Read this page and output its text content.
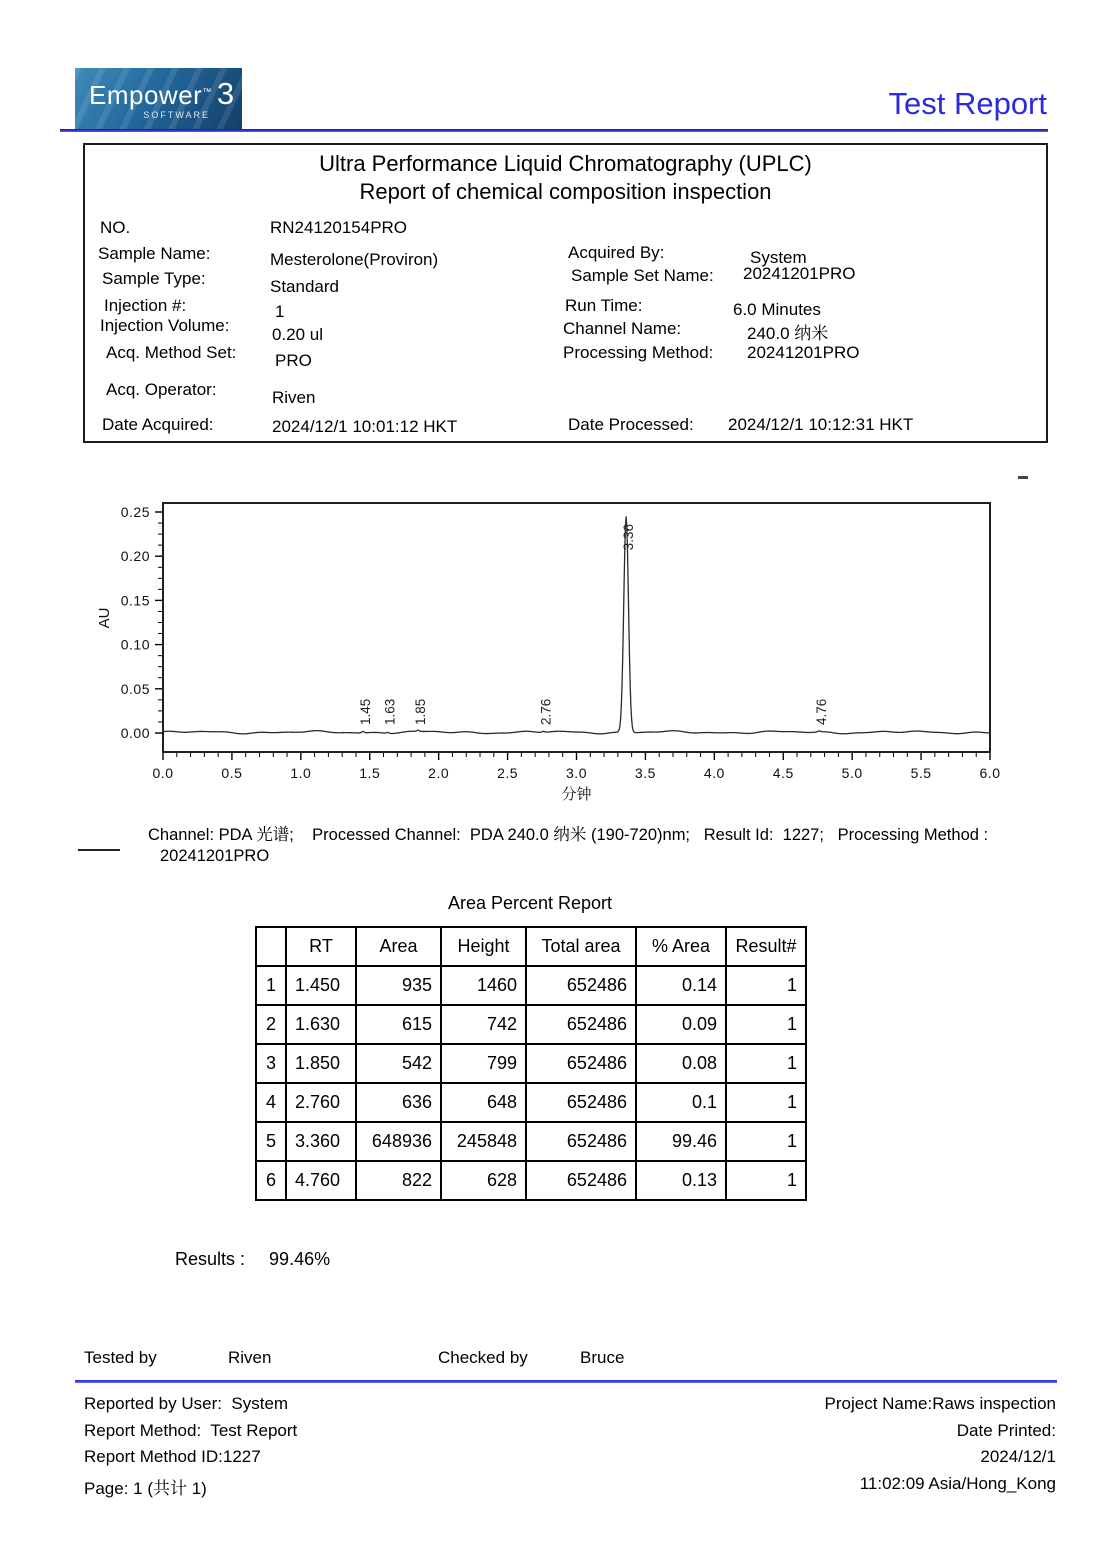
Empower™ 3
SOFTWARE	Test Report
Ultra Performance Liquid Chromatography (UPLC)
Report of chemical composition inspection
NO.	RN24120154PRO
Sample Name:	Mesterolone(Proviron)
Sample Type:	Standard
Injection #:	1
Injection Volume:	0.20 ul
Acq. Method Set: PRO
Acq. Operator:	Riven
Date Acquired:	2024/12/1 10:01:12 HKT
Acquired By:	System
Sample Set Name: 20241201PRO
Run Time:	6.0 Minutes
Channel Name:	240.0 纳米
Processing Method: 20241201PRO
Date Processed: 2024/12/1 10:12:31 HKT
0.00
0.05
0.10
0.15
0.20
0.25
0.0	0.5	1.0	1.5	2.0	2.5	3.0	3.5	4.0	4.5	5.0	5.5	6.0
分钟
AU
1.45 1.63 1.85	2.76
3.36
4.76
Channel: PDA 光谱;    Processed Channel:  PDA 240.0 纳米 (190-720)nm;   Result Id:  1227;   Processing Method :
20241201PRO
Area Percent Report
	RT	Area	Height	Total area	% Area	Result#
1	1.450	935	1460	652486	0.14	1
2	1.630	615	742	652486	0.09	1
3	1.850	542	799	652486	0.08	1
4	2.760	636	648	652486	0.1	1
5	3.360	648936	245848	652486	99.46	1
6	4.760	822	628	652486	0.13	1

Results : 99.46%

Tested by	Riven	Checked by	Bruce
Reported by User:  System
Report Method:  Test Report
Report Method ID:1227
Page: 1 (共计 1)
Project Name:Raws inspection
Date Printed:
2024/12/1
11:02:09 Asia/Hong_Kong
